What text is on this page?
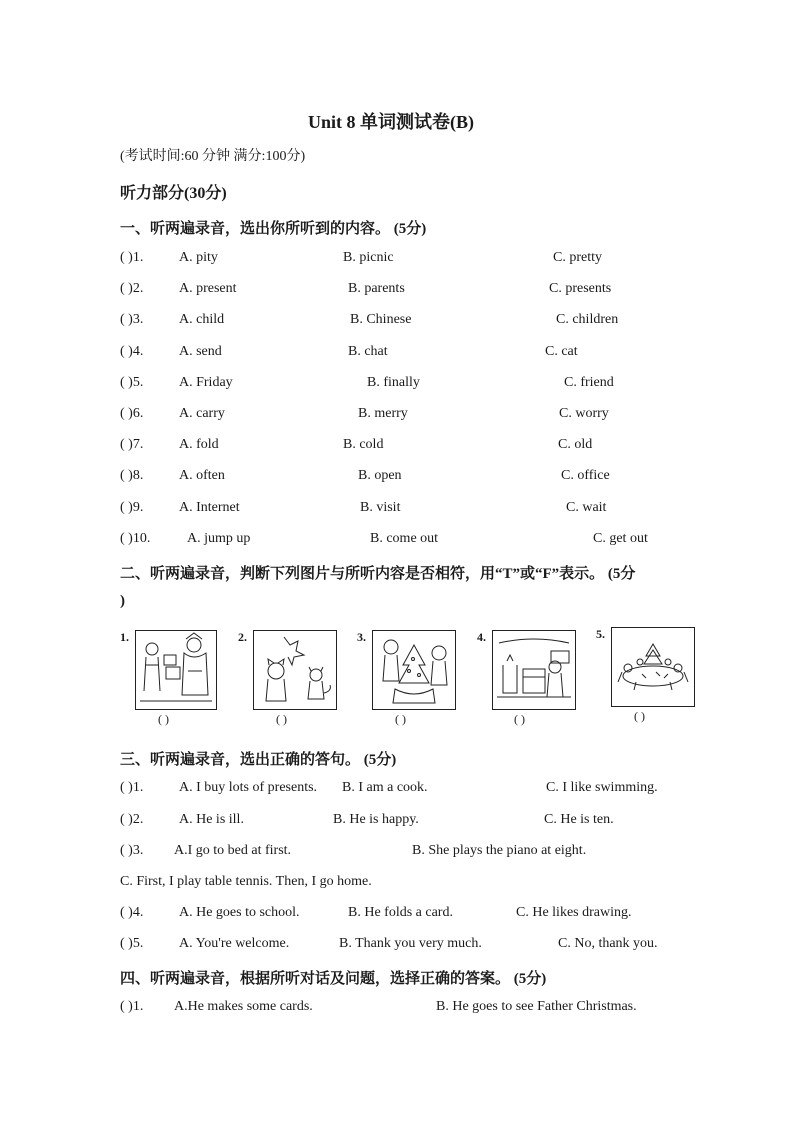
Unit 8 单词测试卷(B)
(考试时间:60 分钟 满分:100分)
听力部分(30分)
一、听两遍录音，选出你所听到的内容。 (5分)
( )1.	A. pity	B. picnic	C. pretty
( )2.	A. present	B. parents	C. presents
( )3.	A. child	B. Chinese	C. children
( )4.	A. send	B. chat	C. cat
( )5.	A. Friday	B. finally	C. friend
( )6.	A. carry	B. merry	C. worry
( )7.	A. fold	B. cold	C. old
( )8.	A. often	B. open	C. office
( )9.	A. Internet	B. visit	C. wait
( )10.	A. jump up	B. come out	C. get out
二、听两遍录音，判断下列图片与所听内容是否相符，用“T”或“F”表示。 (5分
)
1.
( )
2.
( )
3.
( )
4.
( )
5.
( )
三、听两遍录音，选出正确的答句。 (5分)
( )1.	A. I buy lots of presents. B. I am a cook.	C. I like swimming.
( )2.	A. He is ill.	B. He is happy.	C. He is ten.
( )3. A.I go to bed at first.	B. She plays the piano at eight.
C. First, I play table tennis. Then, I go home.
( )4.	A. He goes to school.	B. He folds a card.	C. He likes drawing.
( )5.	A. You're welcome.	B. Thank you very much.	C. No, thank you.
四、听两遍录音，根据所听对话及问题，选择正确的答案。 (5分)
( )1. A.He makes some cards.	B. He goes to see Father Christmas.
